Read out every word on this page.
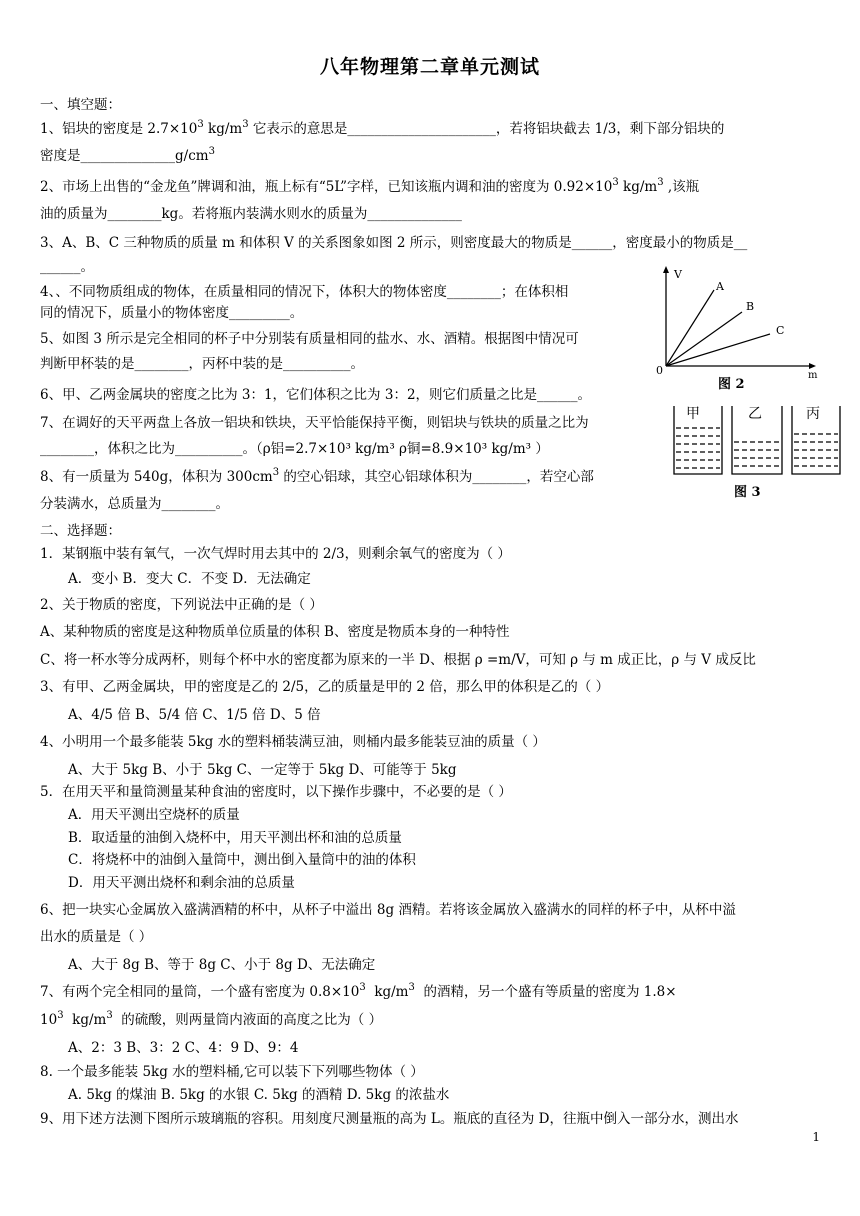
八年物理第二章单元测试
一、填空题：
1、铝块的密度是 $2.7\times 10^3$ $kg/m^3$ 它表示的意思是______________________，若将铝块截去 1/3，剩下部分铝块的
密度是$\_\_\_\_\_\_\_\_\_\_\_\_\_\_g/cm^3$
2、市场上出售的“金龙鱼”牌调和油，瓶上标有“5L”字样，已知该瓶内调和油的密度为 $0.92\times 10^3$ $kg/m^3$ ,该瓶
油的质量为________kg。若将瓶内装满水则水的质量为______________
3、A、B、C 三种物质的质量 m 和体积 V 的关系图象如图 2 所示，则密度最大的物质是______，密度最小的物质是__
______。
4、、不同物质组成的物体，在质量相同的情况下，体积大的物体密度________；在体积相
同的情况下，质量小的物体密度_________。
5、如图 3 所示是完全相同的杯子中分别装有质量相同的盐水、水、酒精。根据图中情况可
判断甲杯装的是________，丙杯中装的是__________。
6、甲、乙两金属块的密度之比为 3：1，它们体积之比为 3：2，则它们质量之比是______。
7、在调好的天平两盘上各放一铝块和铁块，天平恰能保持平衡，则铝块与铁块的质量之比为
________，体积之比为__________。（ρ铝=2.7×10³ kg/m³ ρ铜=8.9×10³ kg/m³ ）
8、有一质量为 540g，体积为 $300cm^3$ 的空心铝球，其空心铝球体积为________，若空心部
分装满水，总质量为________。
二、选择题：
1．某钢瓶中装有氧气，一次气焊时用去其中的 2/3，则剩余氧气的密度为（ ）
A．变小 B．变大 C．不变 D．无法确定
2、关于物质的密度，下列说法中正确的是（ ）
A、某种物质的密度是这种物质单位质量的体积 B、密度是物质本身的一种特性
C、将一杯水等分成两杯，则每个杯中水的密度都为原来的一半 D、根据 ρ =m/V，可知 ρ 与 m 成正比，ρ 与 V 成反比
3、有甲、乙两金属块，甲的密度是乙的 2/5，乙的质量是甲的 2 倍，那么甲的体积是乙的（ ）
A、4/5 倍 B、5/4 倍 C、1/5 倍 D、5 倍
4、小明用一个最多能装 5kg 水的塑料桶装满豆油，则桶内最多能装豆油的质量（ ）
A、大于 5kg B、小于 5kg C、一定等于 5kg D、可能等于 5kg
5．在用天平和量筒测量某种食油的密度时，以下操作步骤中，不必要的是（ ）
A．用天平测出空烧杯的质量
B．取适量的油倒入烧杯中，用天平测出杯和油的总质量
C．将烧杯中的油倒入量筒中，测出倒入量筒中的油的体积
D．用天平测出烧杯和剩余油的总质量
6、把一块实心金属放入盛满酒精的杯中，从杯子中溢出 8g 酒精。若将该金属放入盛满水的同样的杯子中，从杯中溢
出水的质量是（ ）
A、大于 8g B、等于 8g C、小于 8g D、无法确定
7、有两个完全相同的量筒，一个盛有密度为 $0.8\times 10^3$ $kg/m^3$ 的酒精，另一个盛有等质量的密度为 1.8×
$10^3$ $kg/m^3$ 的硫酸，则两量筒内液面的高度之比为（ ）
A、2：3 B、3：2 C、4：9 D、9：4
8. 一个最多能装 5kg 水的塑料桶,它可以装下下列哪些物体（ ）
A. 5kg 的煤油 B. 5kg 的水银 C. 5kg 的酒精 D. 5kg 的浓盐水
9、用下述方法测下图所示玻璃瓶的容积。用刻度尺测量瓶的高为 L。瓶底的直径为 D，往瓶中倒入一部分水，测出水
V
m
0
A
B
C
图 2
甲	乙	丙
图 3
1
